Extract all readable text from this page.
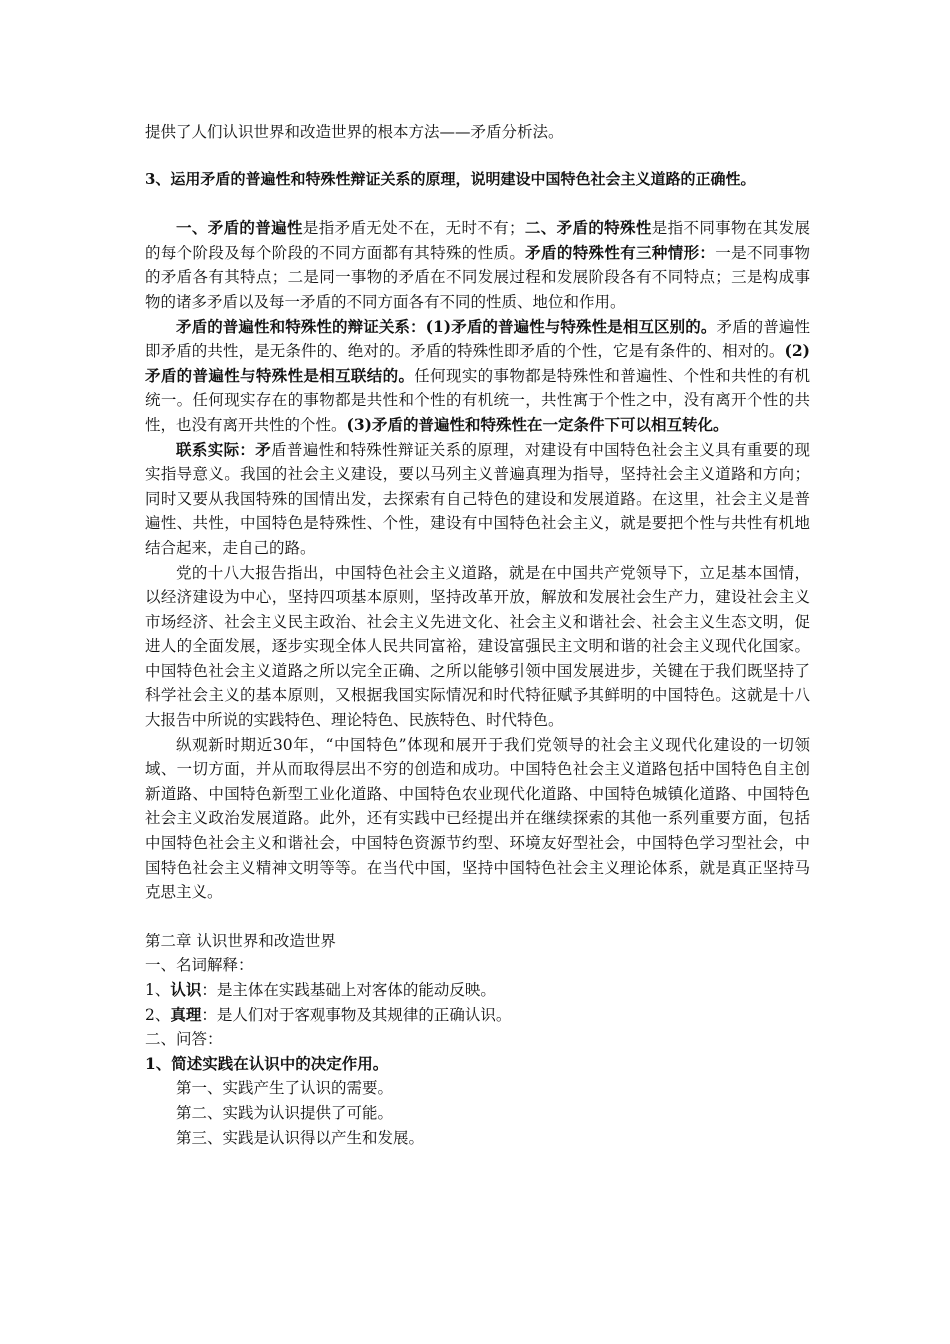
提供了人们认识世界和改造世界的根本方法——矛盾分析法。

3、运用矛盾的普遍性和特殊性辩证关系的原理，说明建设中国特色社会主义道路的正确性。

一、矛盾的普遍性是指矛盾无处不在，无时不有；二、矛盾的特殊性是指不同事物在其发展的每个阶段及每个阶段的不同方面都有其特殊的性质。矛盾的特殊性有三种情形：一是不同事物的矛盾各有其特点；二是同一事物的矛盾在不同发展过程和发展阶段各有不同特点；三是构成事物的诸多矛盾以及每一矛盾的不同方面各有不同的性质、地位和作用。

矛盾的普遍性和特殊性的辩证关系：(1)矛盾的普遍性与特殊性是相互区别的。矛盾的普遍性即矛盾的共性，是无条件的、绝对的。矛盾的特殊性即矛盾的个性，它是有条件的、相对的。(2)矛盾的普遍性与特殊性是相互联结的。任何现实的事物都是特殊性和普遍性、个性和共性的有机统一。任何现实存在的事物都是共性和个性的有机统一，共性寓于个性之中，没有离开个性的共性，也没有离开共性的个性。(3)矛盾的普遍性和特殊性在一定条件下可以相互转化。

联系实际：矛盾普遍性和特殊性辩证关系的原理，对建设有中国特色社会主义具有重要的现实指导意义。我国的社会主义建设，要以马列主义普遍真理为指导，坚持社会主义道路和方向；同时又要从我国特殊的国情出发，去探索有自己特色的建设和发展道路。在这里，社会主义是普遍性、共性，中国特色是特殊性、个性，建设有中国特色社会主义，就是要把个性与共性有机地结合起来，走自己的路。

党的十八大报告指出，中国特色社会主义道路，就是在中国共产党领导下，立足基本国情，以经济建设为中心，坚持四项基本原则，坚持改革开放，解放和发展社会生产力，建设社会主义市场经济、社会主义民主政治、社会主义先进文化、社会主义和谐社会、社会主义生态文明，促进人的全面发展，逐步实现全体人民共同富裕，建设富强民主文明和谐的社会主义现代化国家。中国特色社会主义道路之所以完全正确、之所以能够引领中国发展进步，关键在于我们既坚持了科学社会主义的基本原则，又根据我国实际情况和时代特征赋予其鲜明的中国特色。这就是十八大报告中所说的实践特色、理论特色、民族特色、时代特色。

纵观新时期近30年，“中国特色”体现和展开于我们党领导的社会主义现代化建设的一切领域、一切方面，并从而取得层出不穷的创造和成功。中国特色社会主义道路包括中国特色自主创新道路、中国特色新型工业化道路、中国特色农业现代化道路、中国特色城镇化道路、中国特色社会主义政治发展道路。此外，还有实践中已经提出并在继续探索的其他一系列重要方面，包括中国特色社会主义和谐社会，中国特色资源节约型、环境友好型社会，中国特色学习型社会，中国特色社会主义精神文明等等。在当代中国，坚持中国特色社会主义理论体系，就是真正坚持马克思主义。

第二章 认识世界和改造世界

一、名词解释：

1、认识：是主体在实践基础上对客体的能动反映。

2、真理：是人们对于客观事物及其规律的正确认识。

二、问答：

1、简述实践在认识中的决定作用。

第一、实践产生了认识的需要。

第二、实践为认识提供了可能。

第三、实践是认识得以产生和发展。
